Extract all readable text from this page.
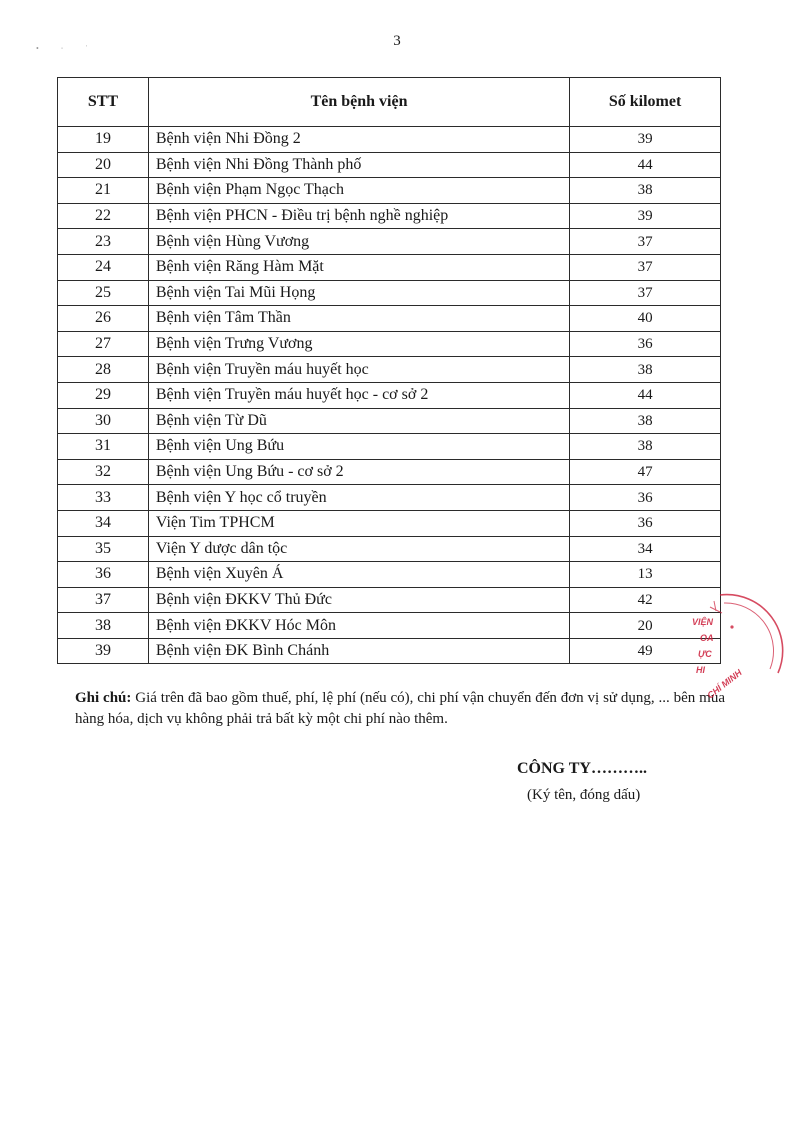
3
• ‧ ˈ
STT	Tên bệnh viện	Số kilomet
19	Bệnh viện Nhi Đồng 2	39
20	Bệnh viện Nhi Đồng Thành phố	44
21	Bệnh viện Phạm Ngọc Thạch	38
22	Bệnh viện PHCN - Điều trị bệnh nghề nghiệp	39
23	Bệnh viện Hùng Vương	37
24	Bệnh viện Răng Hàm Mặt	37
25	Bệnh viện Tai Mũi Họng	37
26	Bệnh viện Tâm Thần	40
27	Bệnh viện Trưng Vương	36
28	Bệnh viện Truyền máu huyết học	38
29	Bệnh viện Truyền máu huyết học - cơ sở 2	44
30	Bệnh viện Từ Dũ	38
31	Bệnh viện Ung Bứu	38
32	Bệnh viện Ung Bứu - cơ sở 2	47
33	Bệnh viện Y học cổ truyền	36
34	Viện Tim TPHCM	36
35	Viện Y dược dân tộc	34
36	Bệnh viện Xuyên Á	13
37	Bệnh viện ĐKKV Thủ Đức	42
38	Bệnh viện ĐKKV Hóc Môn	20
39	Bệnh viện ĐK Bình Chánh	49
Ghi chú: Giá trên đã bao gồm thuế, phí, lệ phí (nếu có), chi phí vận chuyển đến đơn vị sử dụng, ... bên mua hàng hóa, dịch vụ không phải trả bất kỳ một chi phí nào thêm.
CÔNG TY………..
(Ký tên, đóng dấu)
VIỆN
OA
ỰC
HI CHÍ MINH
